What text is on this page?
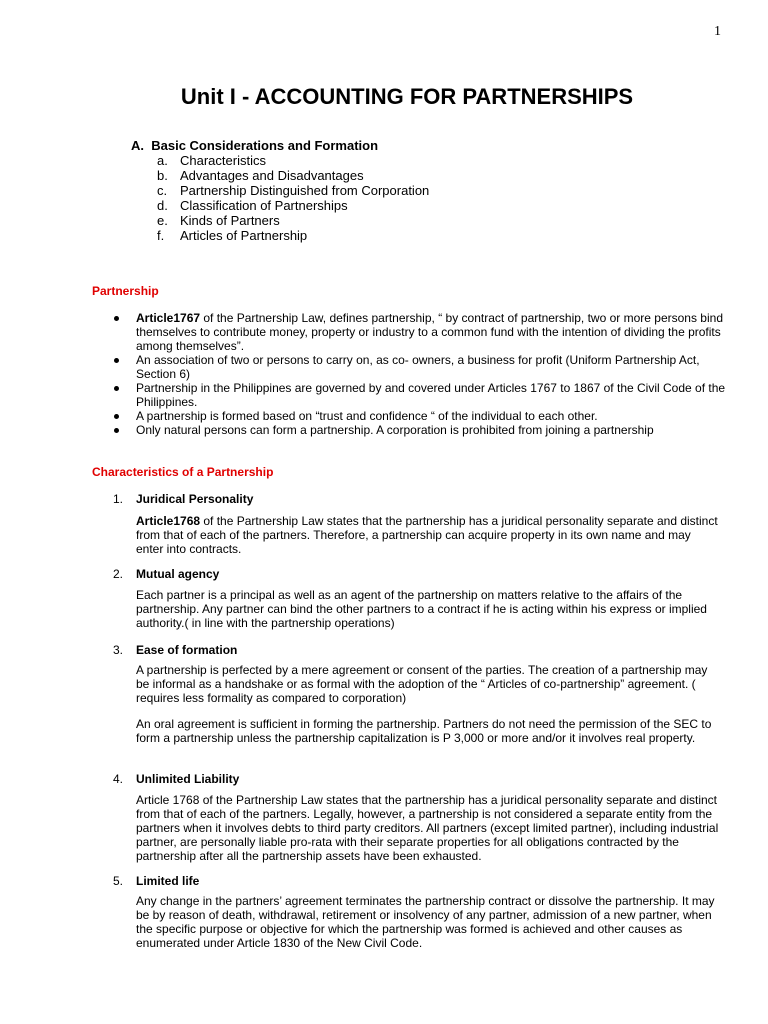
1
Unit I - ACCOUNTING FOR PARTNERSHIPS
A. Basic Considerations and Formation
a. Characteristics
b. Advantages and Disadvantages
c. Partnership Distinguished from Corporation
d. Classification of Partnerships
e. Kinds of Partners
f. Articles of Partnership
Partnership
Article1767 of the Partnership Law, defines partnership, “ by contract of partnership, two or more persons bind themselves to contribute money, property or industry to a common fund with the intention of dividing the profits among themselves”.
An association of two or persons to carry on, as co- owners, a business for profit (Uniform Partnership Act, Section 6)
Partnership in the Philippines are governed by and covered under Articles 1767 to 1867 of the Civil Code of the Philippines.
A partnership is formed based on “trust and confidence “ of the individual to each other.
Only natural persons can form a partnership. A corporation is prohibited from joining a partnership
Characteristics of a Partnership
1. Juridical Personality
Article1768 of the Partnership Law states that the partnership has a juridical personality separate and distinct from that of each of the partners. Therefore, a partnership can acquire property in its own name and may enter into contracts.
2. Mutual agency
Each partner is a principal as well as an agent of the partnership on matters relative to the affairs of the partnership. Any partner can bind the other partners to a contract if he is acting within his express or implied authority.( in line with the partnership operations)
3. Ease of formation
A partnership is perfected by a mere agreement or consent of the parties. The creation of a partnership may be informal as a handshake or as formal with the adoption of the “ Articles of co-partnership” agreement. ( requires less formality as compared to corporation)
An oral agreement is sufficient in forming the partnership. Partners do not need the permission of the SEC to form a partnership unless the partnership capitalization is P 3,000 or more and/or it involves real property.
4. Unlimited Liability
Article 1768 of the Partnership Law states that the partnership has a juridical personality separate and distinct from that of each of the partners. Legally, however, a partnership is not considered a separate entity from the partners when it involves debts to third party creditors. All partners (except limited partner), including industrial partner, are personally liable pro-rata with their separate properties for all obligations contracted by the partnership after all the partnership assets have been exhausted.
5. Limited life
Any change in the partners’ agreement terminates the partnership contract or dissolve the partnership. It may be by reason of death, withdrawal, retirement or insolvency of any partner, admission of a new partner, when the specific purpose or objective for which the partnership was formed is achieved and other causes as enumerated under Article 1830 of the New Civil Code.
